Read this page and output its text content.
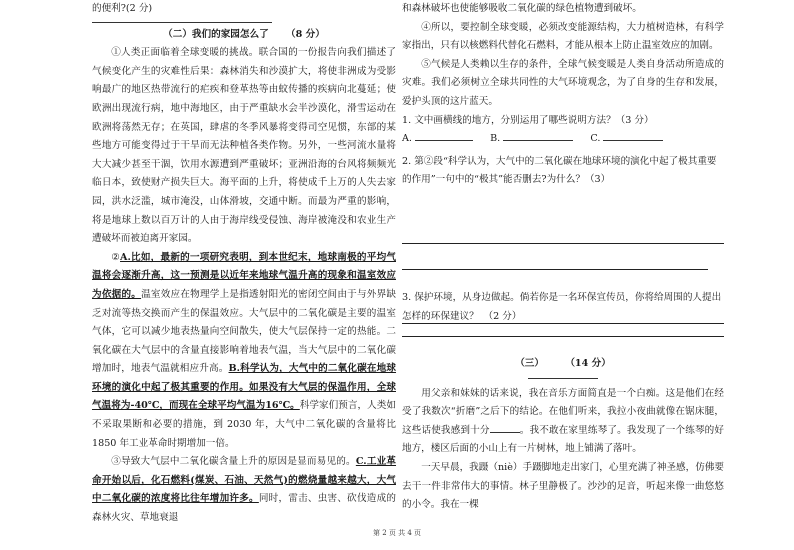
的便利?(2 分)

（二）我们的家园怎么了 （8 分）

①人类正面临着全球变暖的挑战。联合国的一份报告向我们描述了气候变化产生的灾难性后果：森林消失和沙漠扩大，将使非洲成为受影响最广的地区热带流行的疟疾和登革热等由蚊传播的疾病向北蔓延；使欧洲出现流行病，地中海地区，由于严重缺水会半沙漠化，滑雪运动在欧洲将荡然无存；在英国，肆虐的冬季风暴将变得司空见惯，东部的某些地方可能变得过于干旱而无法种植各类作物。另外，一些河流水量将大大减少甚至干涸，饮用水源遭到严重破坏；亚洲沿海的台风将频频光临日本，致使财产损失巨大。海平面的上升，将使成千上万的人失去家园，洪水泛滥，城市淹没，山体滑坡，交通中断。而最为严重的影响，将是地球上数以百万计的人由于海岸线受侵蚀、海岸被淹没和农业生产遭破坏而被迫离开家园。

②A.比如，最新的一项研究表明，到本世纪末，地球南极的平均气温将会逐渐升高，这一预测是以近年来地球气温升高的现象和温室效应为依据的。温室效应在物理学上是指透射阳光的密闭空间由于与外界缺乏对流等热交换而产生的保温效应。大气层中的二氧化碳是主要的温室气体，它可以减少地表热量向空间散失，使大气层保持一定的热能。二氧化碳在大气层中的含量直接影响着地表气温，当大气层中的二氧化碳增加时，地表气温就相应升高。B.科学认为，大气中的二氧化碳在地球环境的演化中起了极其重要的作用。如果没有大气层的保温作用，全球气温将为-40℃，而现在全球平均气温为16℃。科学家们预言，人类如不采取果断和必要的措施，到 2030 年，大气中二氧化碳的含量将比 1850 年工业革命时期增加一倍。

③导致大气层中二氧化碳含量上升的原因是显而易见的。C.工业革命开始以后，化石燃料(煤炭、石油、天然气)的燃烧量越来越大，大气中二氧化碳的浓度将比往年增加许多。同时，雷击、虫害、砍伐造成的森林火灾、草地衰退

和森林破坏也使能够吸收二氧化碳的绿色植物遭到破坏。

④所以，要控制全球变暖，必须改变能源结构，大力植树造林，有科学家指出，只有以核燃料代替化石燃料，才能从根本上防止温室效应的加剧。

⑤气候是人类赖以生存的条件，全球气候变暖是人类自身活动所造成的灾难。我们必须树立全球共同性的大气环境观念，为了自身的生存和发展，爱护头顶的这片蓝天。

1. 文中画横线的地方，分别运用了哪些说明方法？（3 分）

A.	B.	C.

2. 第②段“科学认为，大气中的二氧化碳在地球环境的演化中起了极其重要的作用”一句中的“极其”能否删去?为什么？（3）

3. 保护环境，从身边做起。倘若你是一名环保宣传员，你将给周围的人提出怎样的环保建议？　（2 分）

（三） （14 分）

用父亲和妹妹的话来说，我在音乐方面简直是一个白痴。这是他们在经受了我数次“折磨”之后下的结论。在他们听来，我拉小夜曲就像在锯床腿，这些话使我感到十分	。我不敢在家里练琴了。我发现了一个练琴的好地方，楼区后面的小山上有一片树林，地上铺满了落叶。

一天早晨，我蹑（niè）手蹑脚地走出家门，心里充满了神圣感，仿佛要去干一件非常伟大的事情。林子里静极了。沙沙的足音，听起来像一曲悠悠的小令。我在一棵

第 2 页 共 4 页
